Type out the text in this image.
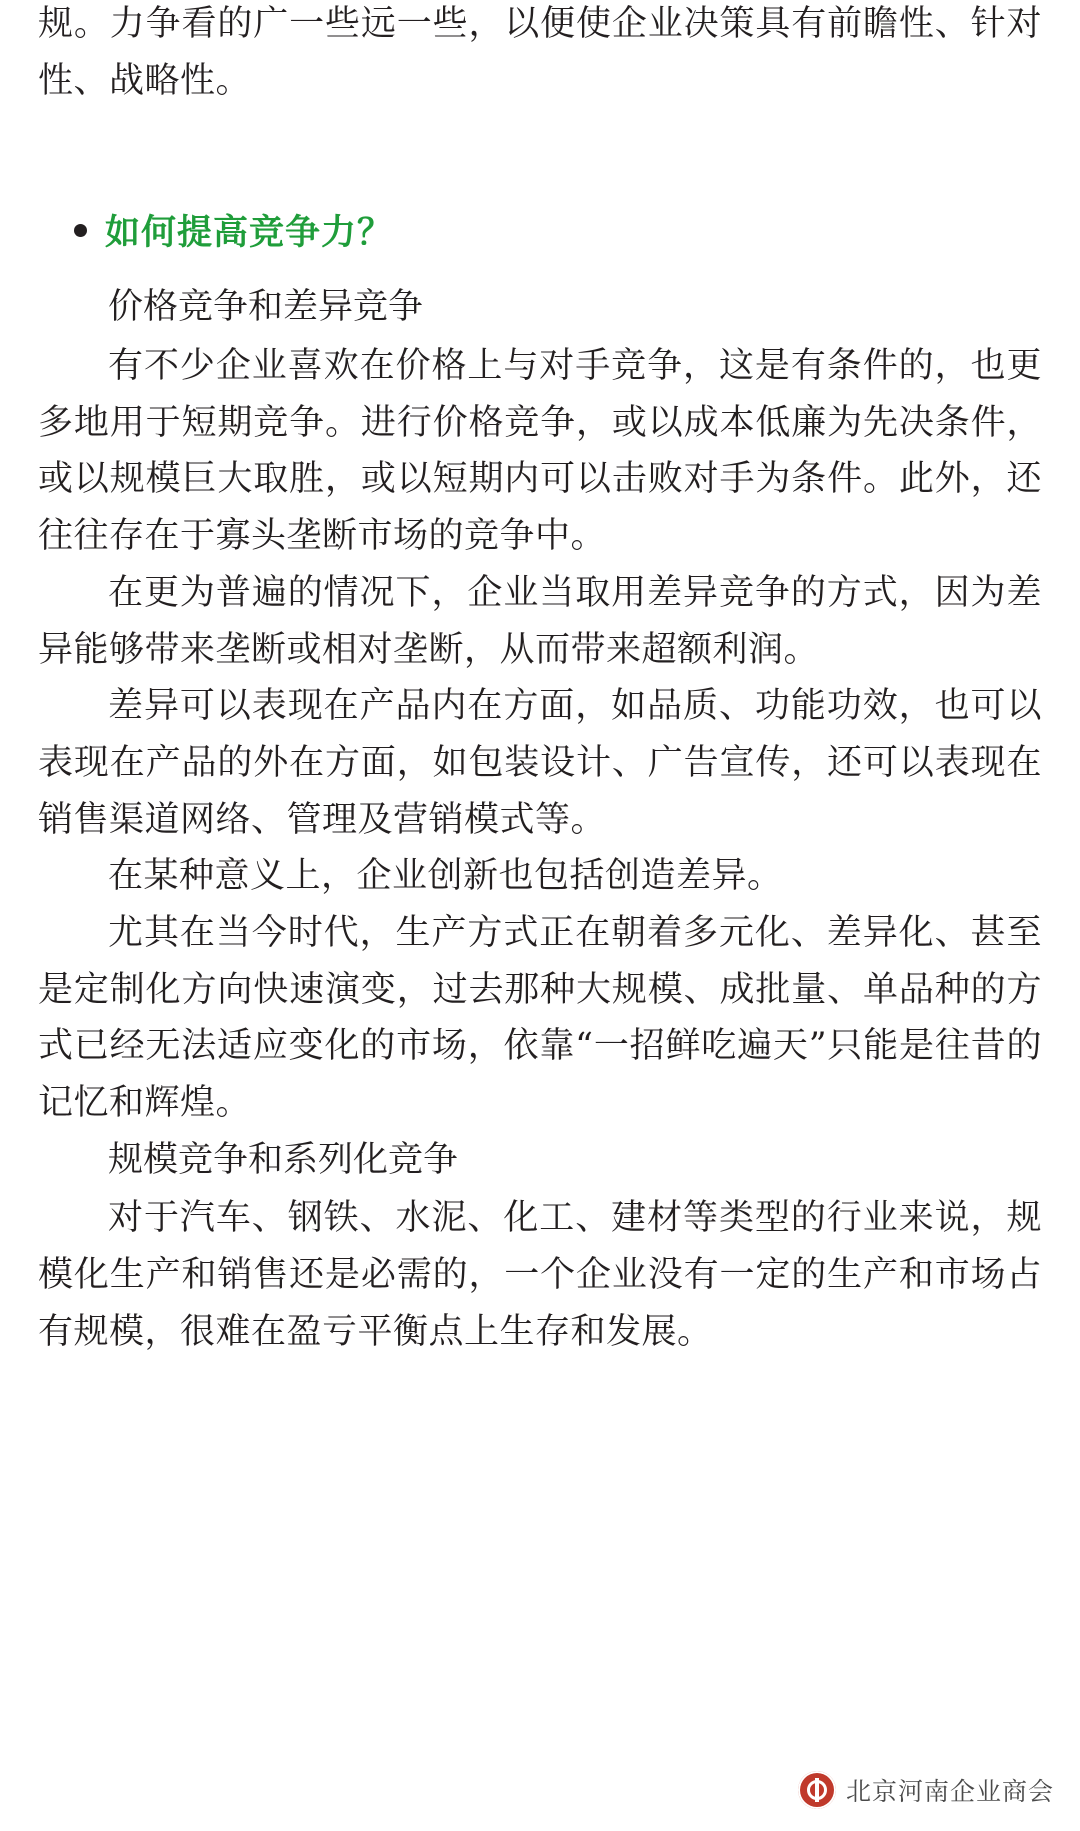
规。力争看的广一些远一些，以便使企业决策具有前瞻性、针对性、战略性。

如何提高竞争力？

价格竞争和差异竞争

有不少企业喜欢在价格上与对手竞争，这是有条件的，也更多地用于短期竞争。进行价格竞争，或以成本低廉为先决条件，或以规模巨大取胜，或以短期内可以击败对手为条件。此外，还往往存在于寡头垄断市场的竞争中。

在更为普遍的情况下，企业当取用差异竞争的方式，因为差异能够带来垄断或相对垄断，从而带来超额利润。

差异可以表现在产品内在方面，如品质、功能功效，也可以表现在产品的外在方面，如包装设计、广告宣传，还可以表现在销售渠道网络、管理及营销模式等。

在某种意义上，企业创新也包括创造差异。

尤其在当今时代，生产方式正在朝着多元化、差异化、甚至是定制化方向快速演变，过去那种大规模、成批量、单品种的方式已经无法适应变化的市场，依靠“一招鲜吃遍天”只能是往昔的记忆和辉煌。

规模竞争和系列化竞争

对于汽车、钢铁、水泥、化工、建材等类型的行业来说，规模化生产和销售还是必需的，一个企业没有一定的生产和市场占有规模，很难在盈亏平衡点上生存和发展。

北京河南企业商会
